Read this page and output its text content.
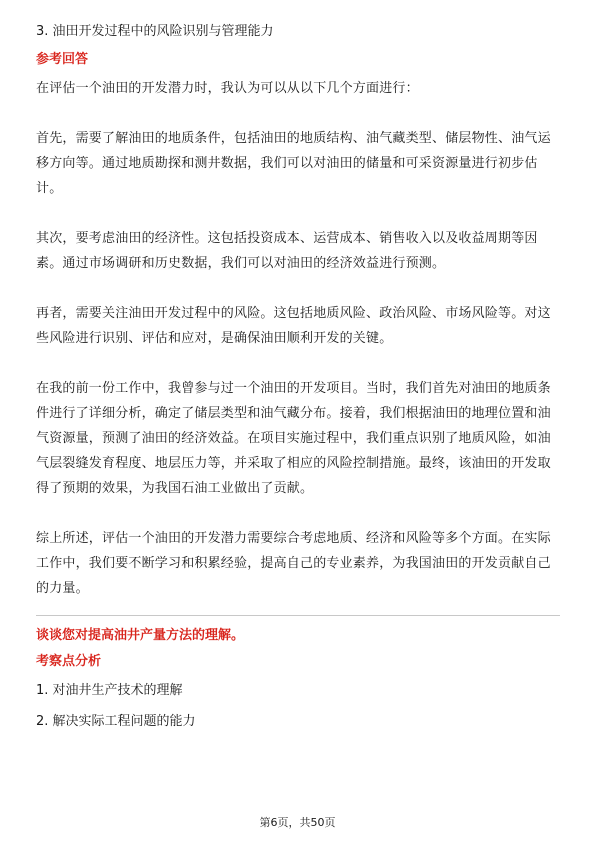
3. 油田开发过程中的风险识别与管理能力
参考回答

在评估一个油田的开发潜力时，我认为可以从以下几个方面进行：

首先，需要了解油田的地质条件，包括油田的地质结构、油气藏类型、储层物性、油气运移方向等。通过地质勘探和测井数据，我们可以对油田的储量和可采资源量进行初步估计。

其次，要考虑油田的经济性。这包括投资成本、运营成本、销售收入以及收益周期等因素。通过市场调研和历史数据，我们可以对油田的经济效益进行预测。

再者，需要关注油田开发过程中的风险。这包括地质风险、政治风险、市场风险等。对这些风险进行识别、评估和应对，是确保油田顺利开发的关键。

在我的前一份工作中，我曾参与过一个油田的开发项目。当时，我们首先对油田的地质条件进行了详细分析，确定了储层类型和油气藏分布。接着，我们根据油田的地理位置和油气资源量，预测了油田的经济效益。在项目实施过程中，我们重点识别了地质风险，如油气层裂缝发育程度、地层压力等，并采取了相应的风险控制措施。最终，该油田的开发取得了预期的效果，为我国石油工业做出了贡献。

综上所述，评估一个油田的开发潜力需要综合考虑地质、经济和风险等多个方面。在实际工作中，我们要不断学习和积累经验，提高自己的专业素养，为我国油田的开发贡献自己的力量。

谈谈您对提高油井产量方法的理解。
考察点分析

1. 对油井生产技术的理解

2. 解决实际工程问题的能力

第6页，共50页
